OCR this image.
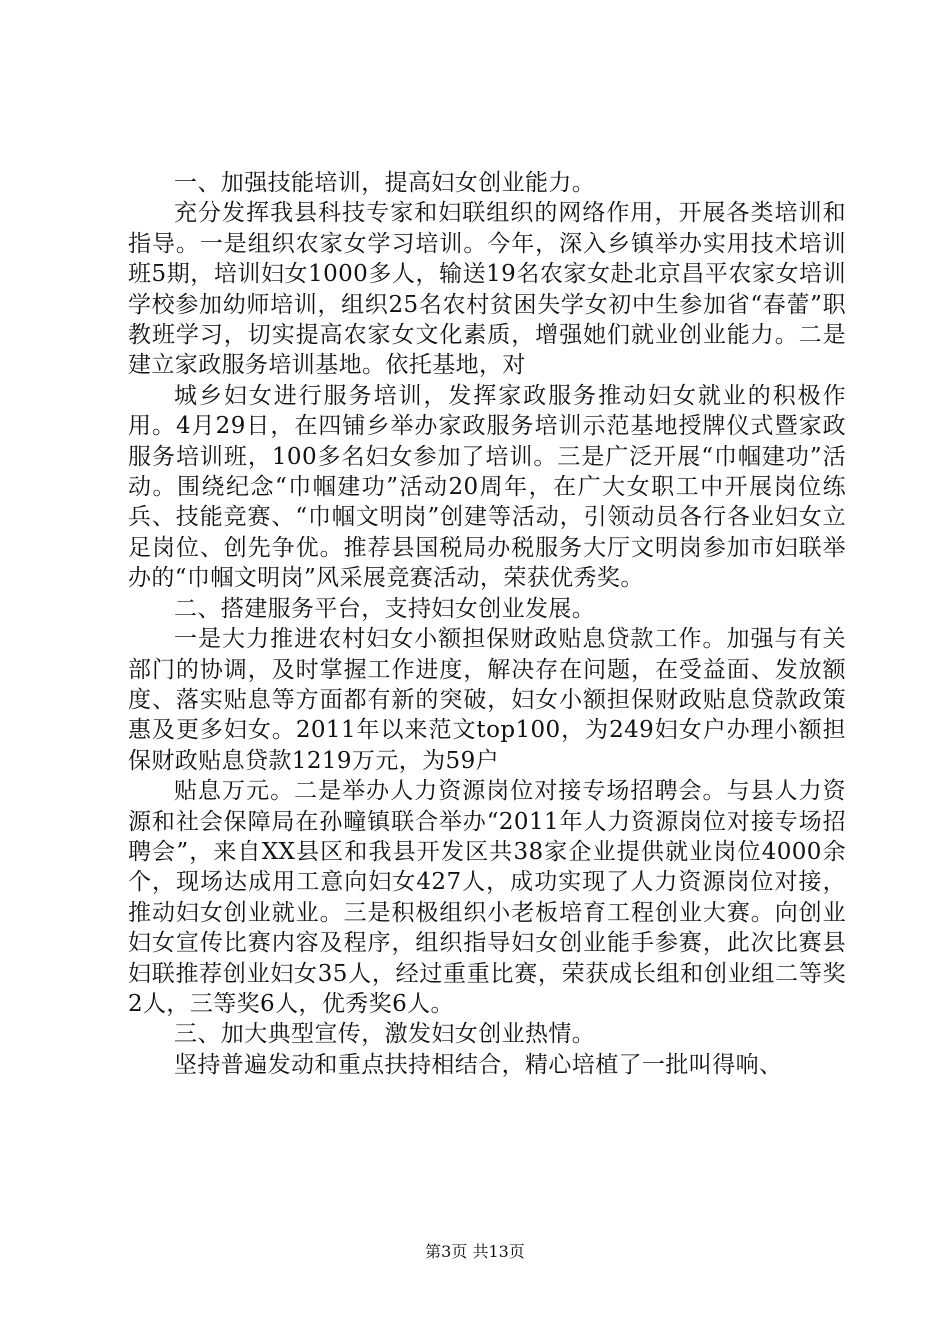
一、加强技能培训，提高妇女创业能力。

充分发挥我县科技专家和妇联组织的网络作用，开展各类培训和指导。一是组织农家女学习培训。今年，深入乡镇举办实用技术培训班5期，培训妇女1000多人，输送19名农家女赴北京昌平农家女培训学校参加幼师培训，组织25名农村贫困失学女初中生参加省“春蕾”职教班学习，切实提高农家女文化素质，增强她们就业创业能力。二是建立家政服务培训基地。依托基地，对

城乡妇女进行服务培训，发挥家政服务推动妇女就业的积极作用。4月29日，在四铺乡举办家政服务培训示范基地授牌仪式暨家政服务培训班，100多名妇女参加了培训。三是广泛开展“巾帼建功”活动。围绕纪念“巾帼建功”活动20周年，在广大女职工中开展岗位练兵、技能竞赛、“巾帼文明岗”创建等活动，引领动员各行各业妇女立足岗位、创先争优。推荐县国税局办税服务大厅文明岗参加市妇联举办的“巾帼文明岗”风采展竞赛活动，荣获优秀奖。

二、搭建服务平台，支持妇女创业发展。

一是大力推进农村妇女小额担保财政贴息贷款工作。加强与有关部门的协调，及时掌握工作进度，解决存在问题，在受益面、发放额度、落实贴息等方面都有新的突破，妇女小额担保财政贴息贷款政策惠及更多妇女。2011年以来范文top100，为249妇女户办理小额担保财政贴息贷款1219万元，为59户

贴息万元。二是举办人力资源岗位对接专场招聘会。与县人力资源和社会保障局在孙疃镇联合举办“2011年人力资源岗位对接专场招聘会”，来自XX县区和我县开发区共38家企业提供就业岗位4000余个，现场达成用工意向妇女427人，成功实现了人力资源岗位对接，推动妇女创业就业。三是积极组织小老板培育工程创业大赛。向创业妇女宣传比赛内容及程序，组织指导妇女创业能手参赛，此次比赛县妇联推荐创业妇女35人，经过重重比赛，荣获成长组和创业组二等奖2人，三等奖6人，优秀奖6人。

三、加大典型宣传，激发妇女创业热情。

坚持普遍发动和重点扶持相结合，精心培植了一批叫得响、

第3页 共13页
